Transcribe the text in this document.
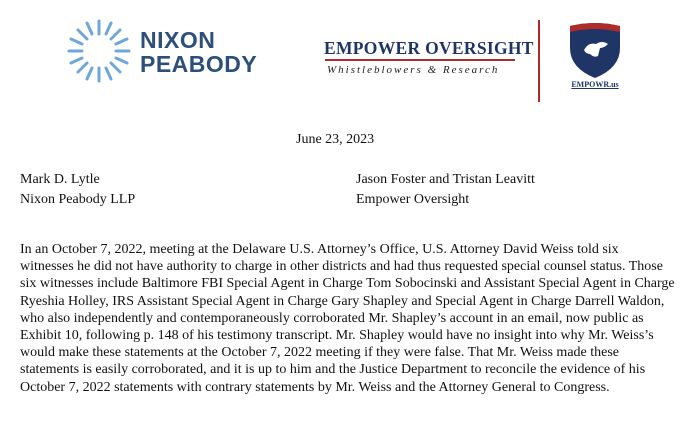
NIXON
PEABODY
EMPOWER OVERSIGHT
Whistleblowers & Research
EMPOWR.us
June 23, 2023
Mark D. Lytle
Nixon Peabody LLP
Jason Foster and Tristan Leavitt
Empower Oversight

In an October 7, 2022, meeting at the Delaware U.S. Attorney’s Office, U.S. Attorney David Weiss told six witnesses he did not have authority to charge in other districts and had thus requested special counsel status. Those six witnesses include Baltimore FBI Special Agent in Charge Tom Sobocinski and Assistant Special Agent in Charge Ryeshia Holley, IRS Assistant Special Agent in Charge Gary Shapley and Special Agent in Charge Darrell Waldon, who also independently and contemporaneously corroborated Mr. Shapley’s account in an email, now public as Exhibit 10, following p. 148 of his testimony transcript. Mr. Shapley would have no insight into why Mr. Weiss’s would make these statements at the October 7, 2022 meeting if they were false. That Mr. Weiss made these statements is easily corroborated, and it is up to him and the Justice Department to reconcile the evidence of his October 7, 2022 statements with contrary statements by Mr. Weiss and the Attorney General to Congress.
